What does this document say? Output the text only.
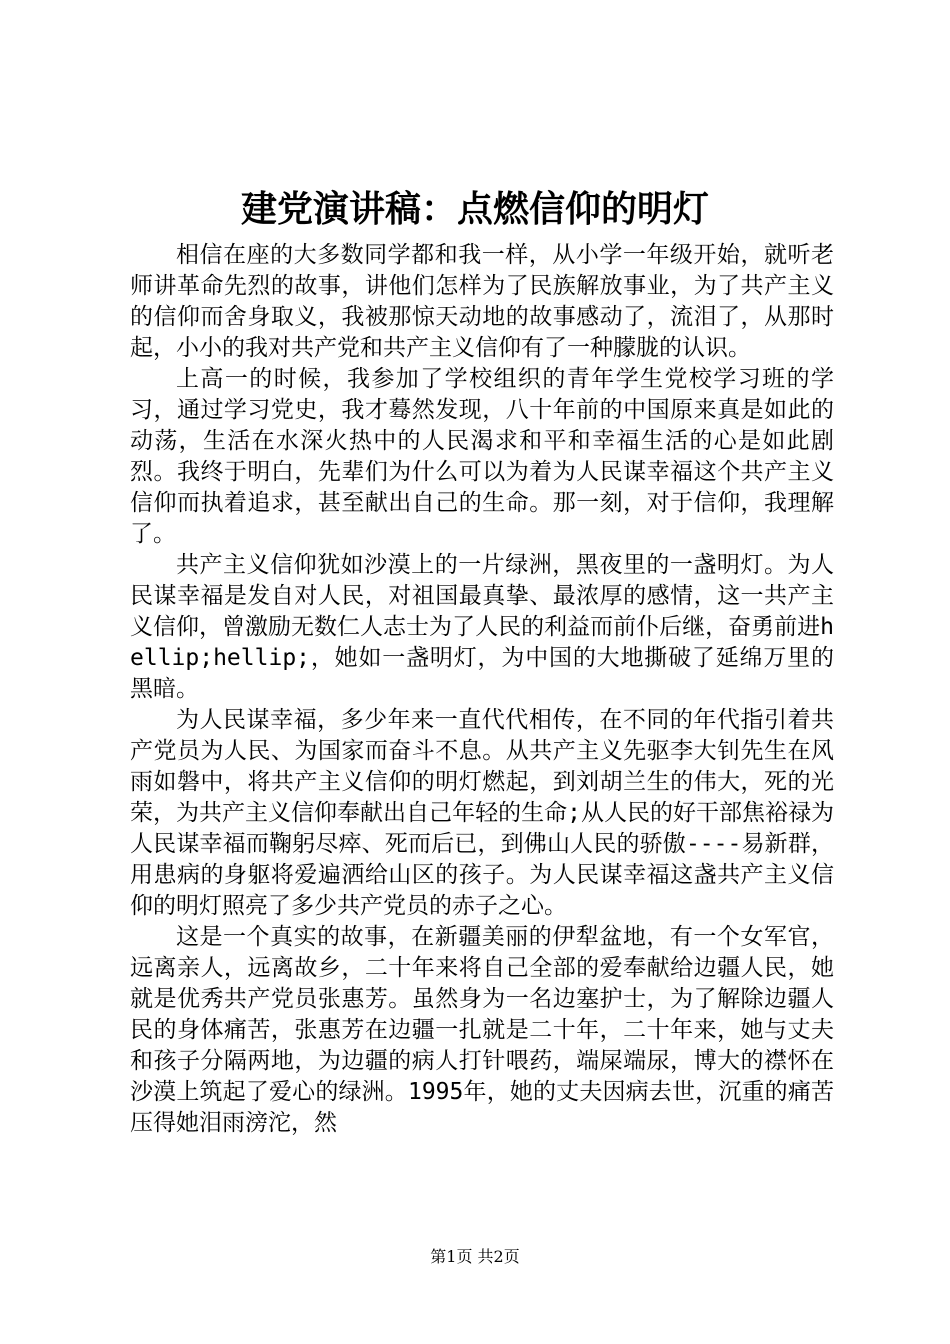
建党演讲稿：点燃信仰的明灯

相信在座的大多数同学都和我一样，从小学一年级开始，就听老师讲革命先烈的故事，讲他们怎样为了民族解放事业，为了共产主义的信仰而舍身取义，我被那惊天动地的故事感动了，流泪了，从那时起，小小的我对共产党和共产主义信仰有了一种朦胧的认识。

上高一的时候，我参加了学校组织的青年学生党校学习班的学习，通过学习党史，我才蓦然发现，八十年前的中国原来真是如此的动荡，生活在水深火热中的人民渴求和平和幸福生活的心是如此剧烈。我终于明白，先辈们为什么可以为着为人民谋幸福这个共产主义信仰而执着追求，甚至献出自己的生命。那一刻，对于信仰，我理解了。

共产主义信仰犹如沙漠上的一片绿洲，黑夜里的一盏明灯。为人民谋幸福是发自对人民，对祖国最真挚、最浓厚的感情，这一共产主义信仰，曾激励无数仁人志士为了人民的利益而前仆后继，奋勇前进hellip;hellip;，她如一盏明灯，为中国的大地撕破了延绵万里的黑暗。

为人民谋幸福，多少年来一直代代相传，在不同的年代指引着共产党员为人民、为国家而奋斗不息。从共产主义先驱李大钊先生在风雨如磐中，将共产主义信仰的明灯燃起，到刘胡兰生的伟大，死的光荣，为共产主义信仰奉献出自己年轻的生命;从人民的好干部焦裕禄为人民谋幸福而鞠躬尽瘁、死而后已，到佛山人民的骄傲----易新群，用患病的身躯将爱遍洒给山区的孩子。为人民谋幸福这盏共产主义信仰的明灯照亮了多少共产党员的赤子之心。

这是一个真实的故事，在新疆美丽的伊犁盆地，有一个女军官，远离亲人，远离故乡，二十年来将自己全部的爱奉献给边疆人民，她就是优秀共产党员张惠芳。虽然身为一名边塞护士，为了解除边疆人民的身体痛苦，张惠芳在边疆一扎就是二十年，二十年来，她与丈夫和孩子分隔两地，为边疆的病人打针喂药，端屎端尿，博大的襟怀在沙漠上筑起了爱心的绿洲。1995年，她的丈夫因病去世，沉重的痛苦压得她泪雨滂沱，然

第1页 共2页
